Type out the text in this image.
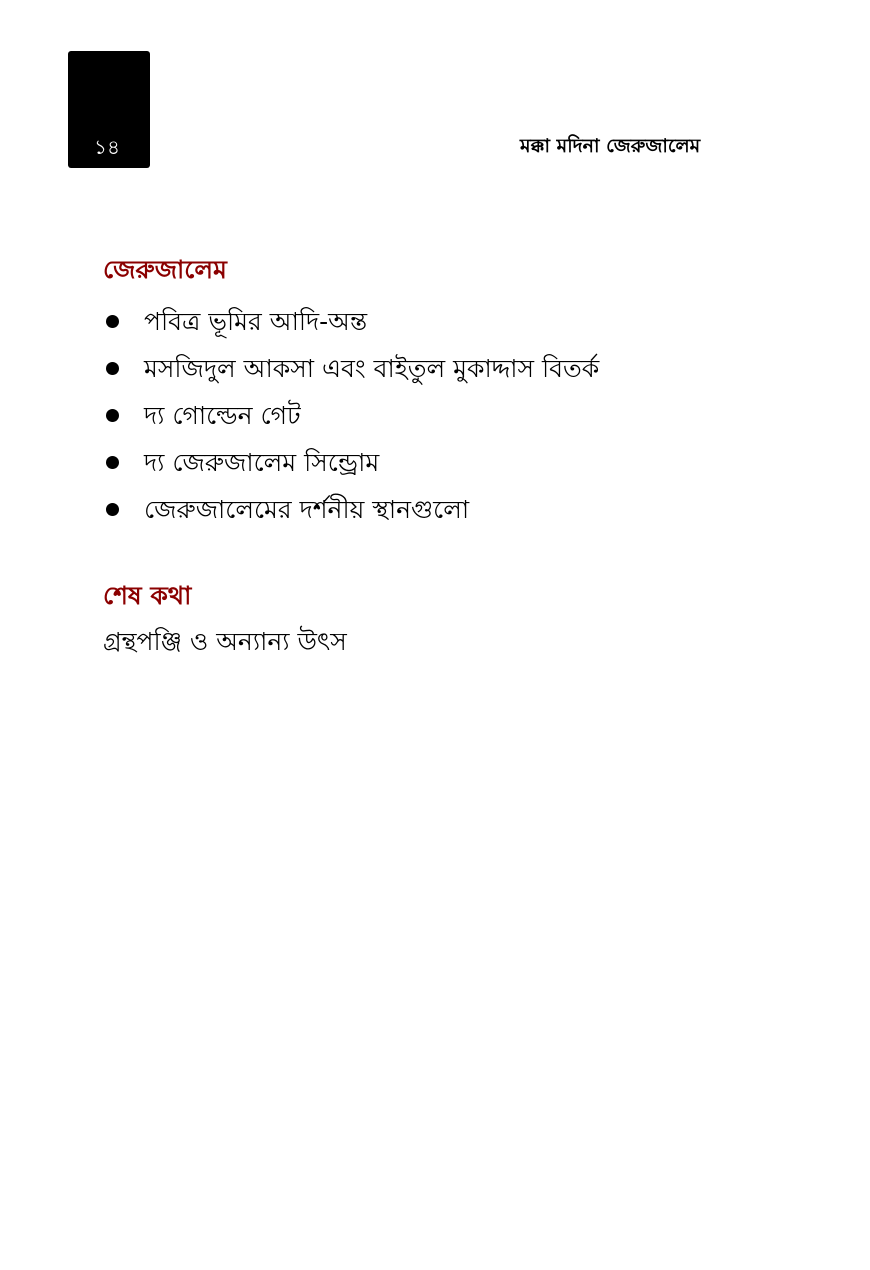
১৪	মক্কা মদিনা জেরুজালেম
জেরুজালেম
পবিত্র ভূমির আদি-অন্ত
মসজিদুল আকসা এবং বাইতুল মুকাদ্দাস বিতর্ক
দ্য গোল্ডেন গেট
দ্য জেরুজালেম সিন্ড্রোম
জেরুজালেমের দর্শনীয় স্থানগুলো
শেষ কথা
গ্রন্থপঞ্জি ও অন্যান্য উৎস
